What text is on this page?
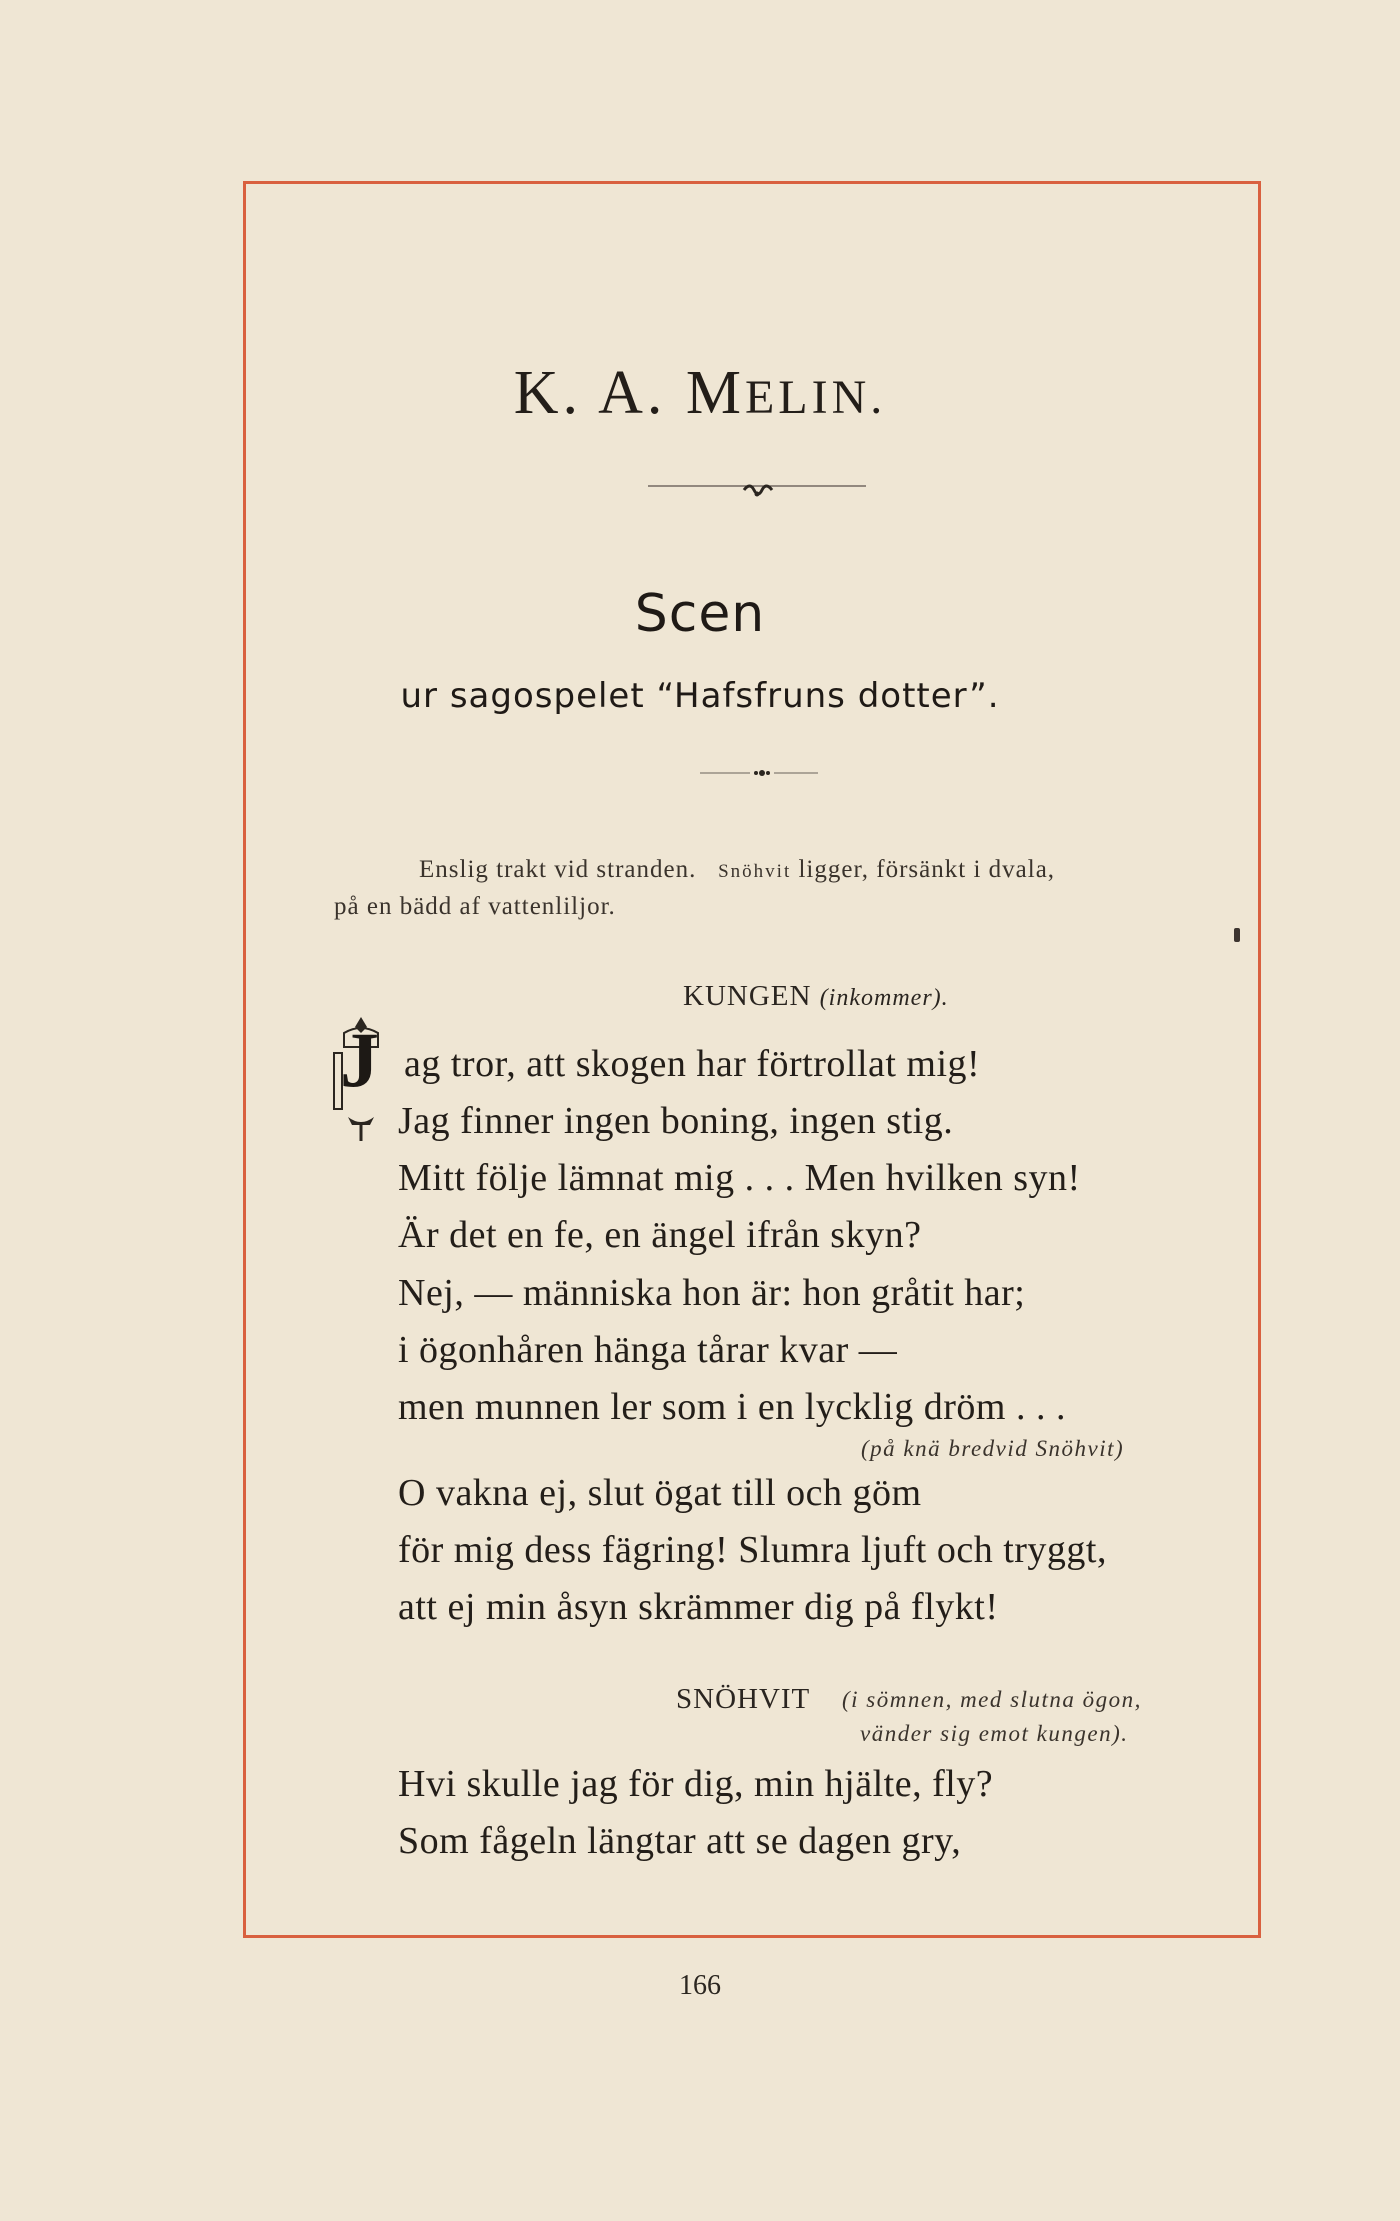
K. A. MELIN.
Scen
ur sagospelet “Hafsfruns dotter”.
Enslig trakt vid stranden. Snöhvit ligger, försänkt i dvala,
på en bädd af vattenliljor.
KUNGEN (inkommer).
J ag tror, att skogen har förtrollat mig!
Jag finner ingen boning, ingen stig.
Mitt följe lämnat mig . . . Men hvilken syn!
Är det en fe, en ängel ifrån skyn?
Nej, — människa hon är: hon gråtit har;
i ögonhåren hänga tårar kvar —
men munnen ler som i en lycklig dröm . . .
(på knä bredvid Snöhvit)
O vakna ej, slut ögat till och göm
för mig dess fägring! Slumra ljuft och tryggt,
att ej min åsyn skrämmer dig på flykt!
SNÖHVIT (i sömnen, med slutna ögon,
vänder sig emot kungen).
Hvi skulle jag för dig, min hjälte, fly?
Som fågeln längtar att se dagen gry,
166
